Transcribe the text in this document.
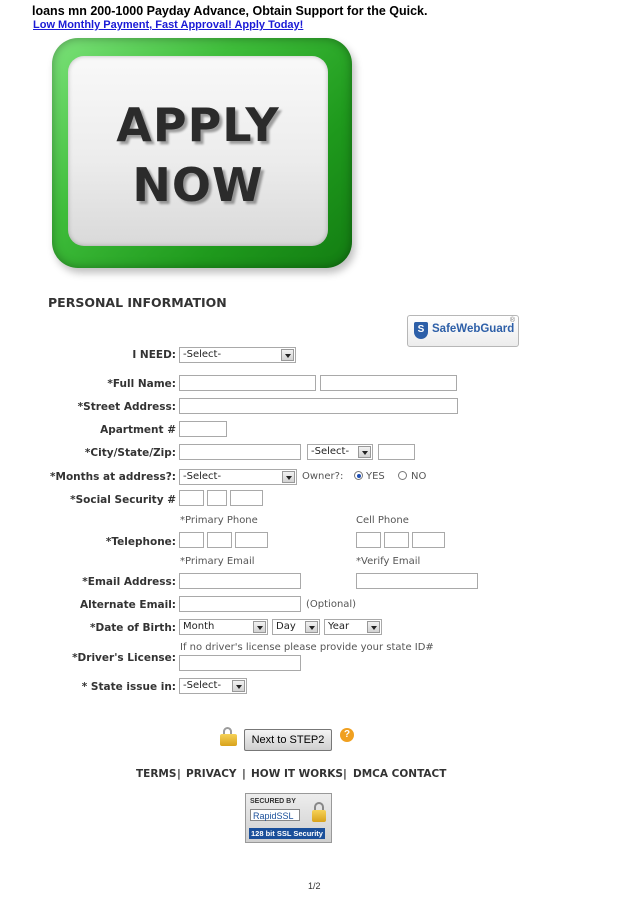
loans mn 200-1000 Payday Advance, Obtain Support for the Quick.
Low Monthly Payment, Fast Approval! Apply Today!
APPLY
NOW
PERSONAL INFORMATION
S SafeWebGuard
®
I NEED: -Select-
*Full Name:
*Street Address:
Apartment #
*City/State/Zip:	-Select-
*Months at address?: -Select-	Owner?: YES	NO
*Social Security #
*Primary Phone	Cell Phone
*Telephone:
*Primary Email	*Verify Email
*Email Address:
Alternate Email:	(Optional)
*Date of Birth: Month	Day	Year
If no driver's license please provide your state ID#
*Driver's License:
* State issue in: -Select-
Next to STEP2	?
TERMS | PRIVACY | HOW IT WORKS | DMCA CONTACT
SECURED BY
RapidSSL
128 bit SSL Security
1/2
